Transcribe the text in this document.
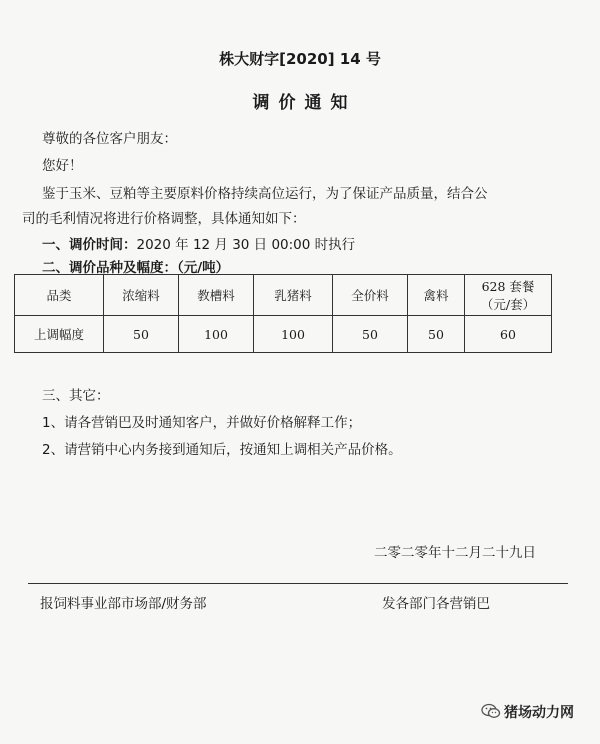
株大财字[2020] 14 号
调价通知
尊敬的各位客户朋友：
您好！
鉴于玉米、豆粕等主要原料价格持续高位运行，为了保证产品质量，结合公
司的毛利情况将进行价格调整，具体通知如下：
一、调价时间：2020 年 12 月 30 日 00:00 时执行
二、调价品种及幅度：（元/吨）
品类	浓缩料	教槽料	乳猪料	全价料	禽料	628 套餐
（元/套）

上调幅度	50	100	100	50	50	60
三、其它：
1、请各营销巴及时通知客户，并做好价格解释工作；
2、请营销中心内务接到通知后，按通知上调相关产品价格。
二零二零年十二月二十九日
报饲料事业部市场部/财务部	发各部门各营销巴
猪场动力网
